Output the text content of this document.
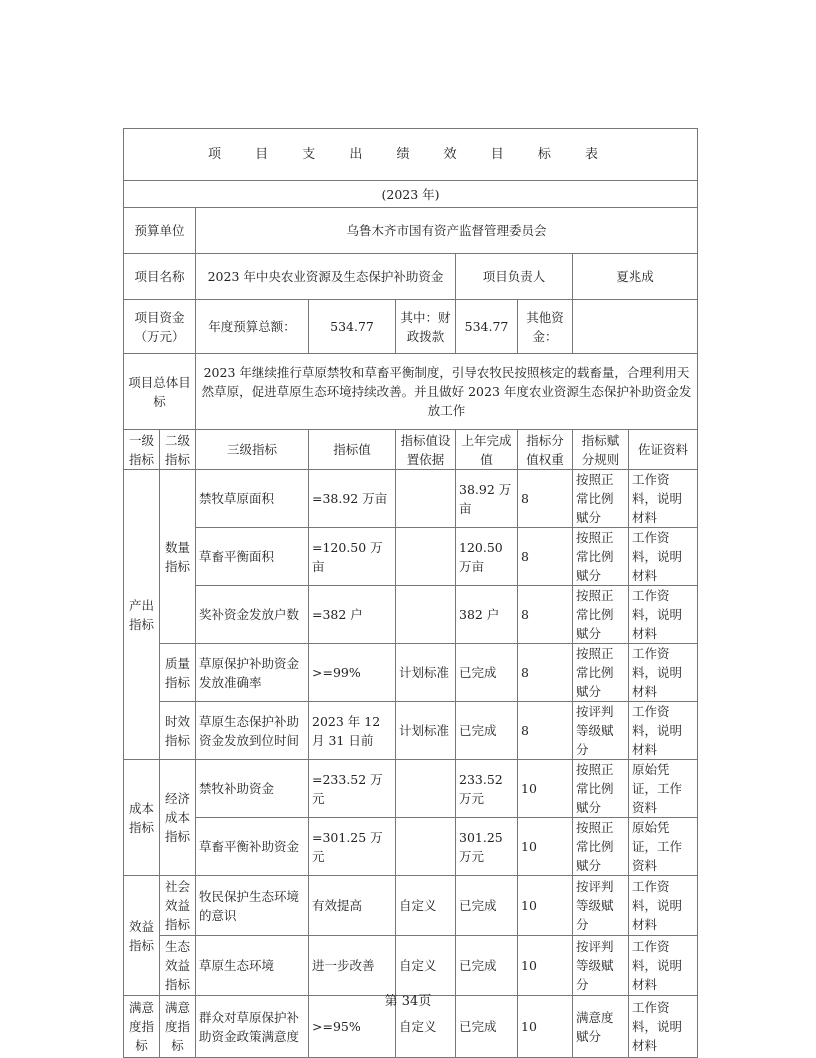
项 目 支 出 绩 效 目 标 表								
(2023 年)								
预算单位		乌鲁木齐市国有资产监督管理委员会						
项目名称		2023 年中央农业资源及生态保护补助资金			项目负责人		夏兆成	
项目资金（万元）		年度预算总额：	534.77	其中：财政拨款	534.77	其他资金：		
项目总体目标		2023 年继续推行草原禁牧和草畜平衡制度，引导农牧民按照核定的载畜量，合理利用天然草原，促进草原生态环境持续改善。并且做好 2023 年度农业资源生态保护补助资金发放工作						
一级指标	二级指标	三级指标	指标值	指标值设置依据	上年完成值	指标分值权重	指标赋分规则	佐证资料
产出指标	数量指标	禁牧草原面积	=38.92 万亩		38.92 万亩	8	按照正常比例赋分	工作资料，说明材料
		草畜平衡面积	=120.50 万亩		120.50 万亩	8	按照正常比例赋分	工作资料，说明材料
		奖补资金发放户数	=382 户		382 户	8	按照正常比例赋分	工作资料，说明材料
	质量指标	草原保护补助资金发放准确率	>=99%	计划标准	已完成	8	按照正常比例赋分	工作资料，说明材料
	时效指标	草原生态保护补助资金发放到位时间	2023 年 12 月 31 日前	计划标准	已完成	8	按评判等级赋分	工作资料，说明材料
成本指标	经济成本指标	禁牧补助资金	=233.52 万元		233.52 万元	10	按照正常比例赋分	原始凭证，工作资料
		草畜平衡补助资金	=301.25 万元		301.25 万元	10	按照正常比例赋分	原始凭证，工作资料
效益指标	社会效益指标	牧民保护生态环境的意识	有效提高	自定义	已完成	10	按评判等级赋分	工作资料，说明材料
	生态效益指标	草原生态环境	进一步改善	自定义	已完成	10	按评判等级赋分	工作资料，说明材料
满意度指标	满意度指标	群众对草原保护补助资金政策满意度	>=95%	自定义	已完成	10	满意度赋分	工作资料，说明材料
第 34页
